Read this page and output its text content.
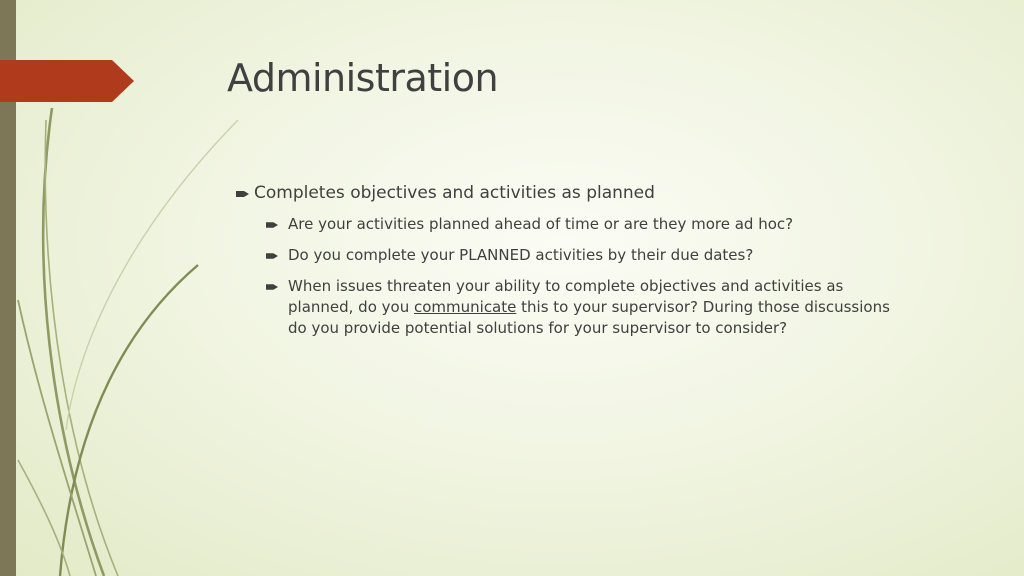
Administration
Completes objectives and activities as planned
Are your activities planned ahead of time or are they more ad hoc?
Do you complete your PLANNED activities by their due dates?
When issues threaten your ability to complete objectives and activities as
planned, do you communicate this to your supervisor? During those discussions
do you provide potential solutions for your supervisor to consider?
